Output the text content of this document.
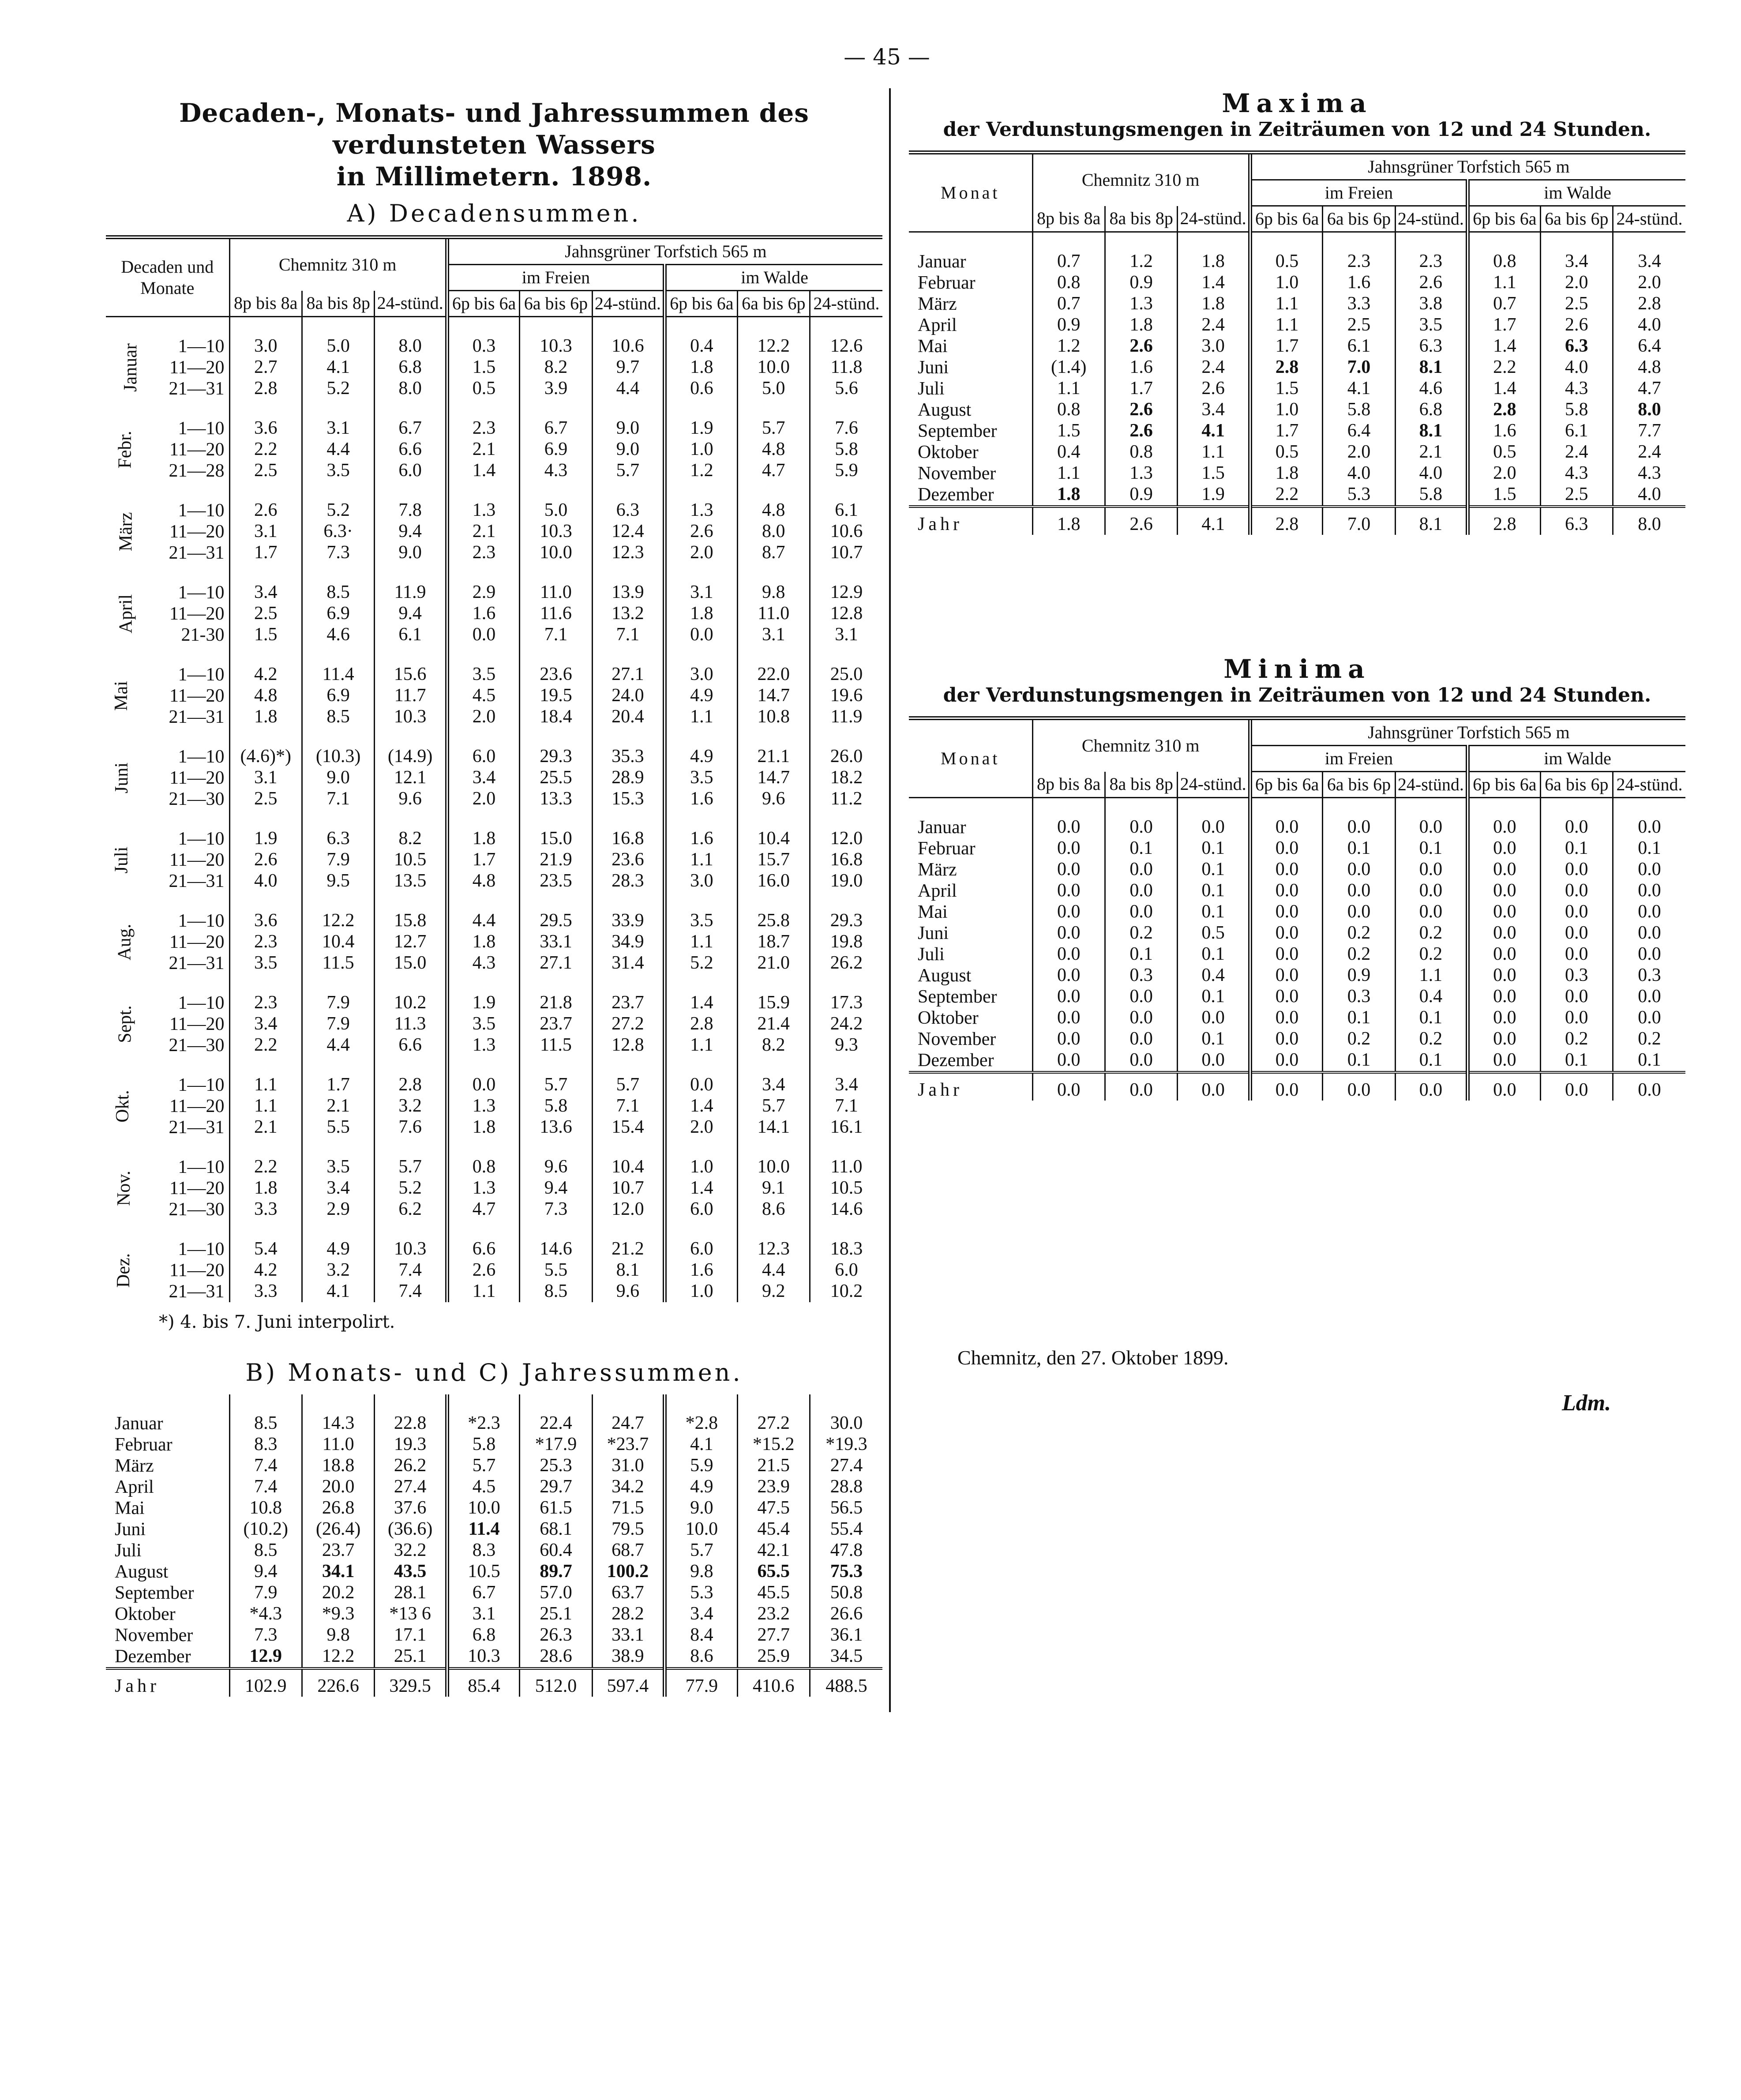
— 45 —
Decaden-, Monats- und Jahressummen des verdunsteten Wassers
in Millimetern. 1898.
A) Decadensummen.
Decaden und Monate		Chemnitz 310 m			Jahnsgrüner Torfstich 565 m					
					im Freien			im Walde		
		8p bis 8a	8a bis 8p	24-stünd.	6p bis 6a	6a bis 6p	24-stünd.	6p bis 6a	6a bis 6p	24-stünd.

Januar	1—10	3.0	5.0	8.0	0.3	10.3	10.6	0.4	12.2	12.6
	11—20	2.7	4.1	6.8	1.5	8.2	9.7	1.8	10.0	11.8
	21—31	2.8	5.2	8.0	0.5	3.9	4.4	0.6	5.0	5.6

Febr.	1—10	3.6	3.1	6.7	2.3	6.7	9.0	1.9	5.7	7.6
	11—20	2.2	4.4	6.6	2.1	6.9	9.0	1.0	4.8	5.8
	21—28	2.5	3.5	6.0	1.4	4.3	5.7	1.2	4.7	5.9

März	1—10	2.6	5.2	7.8	1.3	5.0	6.3	1.3	4.8	6.1
	11—20	3.1	6.3·	9.4	2.1	10.3	12.4	2.6	8.0	10.6
	21—31	1.7	7.3	9.0	2.3	10.0	12.3	2.0	8.7	10.7

April	1—10	3.4	8.5	11.9	2.9	11.0	13.9	3.1	9.8	12.9
	11—20	2.5	6.9	9.4	1.6	11.6	13.2	1.8	11.0	12.8
	21-30	1.5	4.6	6.1	0.0	7.1	7.1	0.0	3.1	3.1

Mai	1—10	4.2	11.4	15.6	3.5	23.6	27.1	3.0	22.0	25.0
	11—20	4.8	6.9	11.7	4.5	19.5	24.0	4.9	14.7	19.6
	21—31	1.8	8.5	10.3	2.0	18.4	20.4	1.1	10.8	11.9

Juni	1—10	(4.6)*)	(10.3)	(14.9)	6.0	29.3	35.3	4.9	21.1	26.0
	11—20	3.1	9.0	12.1	3.4	25.5	28.9	3.5	14.7	18.2
	21—30	2.5	7.1	9.6	2.0	13.3	15.3	1.6	9.6	11.2

Juli	1—10	1.9	6.3	8.2	1.8	15.0	16.8	1.6	10.4	12.0
	11—20	2.6	7.9	10.5	1.7	21.9	23.6	1.1	15.7	16.8
	21—31	4.0	9.5	13.5	4.8	23.5	28.3	3.0	16.0	19.0

Aug.	1—10	3.6	12.2	15.8	4.4	29.5	33.9	3.5	25.8	29.3
	11—20	2.3	10.4	12.7	1.8	33.1	34.9	1.1	18.7	19.8
	21—31	3.5	11.5	15.0	4.3	27.1	31.4	5.2	21.0	26.2

Sept.	1—10	2.3	7.9	10.2	1.9	21.8	23.7	1.4	15.9	17.3
	11—20	3.4	7.9	11.3	3.5	23.7	27.2	2.8	21.4	24.2
	21—30	2.2	4.4	6.6	1.3	11.5	12.8	1.1	8.2	9.3

Okt.	1—10	1.1	1.7	2.8	0.0	5.7	5.7	0.0	3.4	3.4
	11—20	1.1	2.1	3.2	1.3	5.8	7.1	1.4	5.7	7.1
	21—31	2.1	5.5	7.6	1.8	13.6	15.4	2.0	14.1	16.1

Nov.	1—10	2.2	3.5	5.7	0.8	9.6	10.4	1.0	10.0	11.0
	11—20	1.8	3.4	5.2	1.3	9.4	10.7	1.4	9.1	10.5
	21—30	3.3	2.9	6.2	4.7	7.3	12.0	6.0	8.6	14.6

Dez.	1—10	5.4	4.9	10.3	6.6	14.6	21.2	6.0	12.3	18.3
	11—20	4.2	3.2	7.4	2.6	5.5	8.1	1.6	4.4	6.0
	21—31	3.3	4.1	7.4	1.1	8.5	9.6	1.0	9.2	10.2
*) 4. bis 7. Juni interpolirt.
B) Monats- und C) Jahressummen.

Januar	8.5	14.3	22.8	*2.3	22.4	24.7	*2.8	27.2	30.0
Februar	8.3	11.0	19.3	5.8	*17.9	*23.7	4.1	*15.2	*19.3
März	7.4	18.8	26.2	5.7	25.3	31.0	5.9	21.5	27.4
April	7.4	20.0	27.4	4.5	29.7	34.2	4.9	23.9	28.8
Mai	10.8	26.8	37.6	10.0	61.5	71.5	9.0	47.5	56.5
Juni	(10.2)	(26.4)	(36.6)	11.4	68.1	79.5	10.0	45.4	55.4
Juli	8.5	23.7	32.2	8.3	60.4	68.7	5.7	42.1	47.8
August	9.4	34.1	43.5	10.5	89.7	100.2	9.8	65.5	75.3
September	7.9	20.2	28.1	6.7	57.0	63.7	5.3	45.5	50.8
Oktober	*4.3	*9.3	*13 6	3.1	25.1	28.2	3.4	23.2	26.6
November	7.3	9.8	17.1	6.8	26.3	33.1	8.4	27.7	36.1
Dezember	12.9	12.2	25.1	10.3	28.6	38.9	8.6	25.9	34.5
Jahr	102.9	226.6	329.5	85.4	512.0	597.4	77.9	410.6	488.5
Maxima
der Verdunstungsmengen in Zeiträumen von 12 und 24 Stunden.
Monat	Chemnitz 310 m			Jahnsgrüner Torfstich 565 m					
				im Freien			im Walde		
	8p bis 8a	8a bis 8p	24-stünd.	6p bis 6a	6a bis 6p	24-stünd.	6p bis 6a	6a bis 6p	24-stünd.

Januar	0.7	1.2	1.8	0.5	2.3	2.3	0.8	3.4	3.4
Februar	0.8	0.9	1.4	1.0	1.6	2.6	1.1	2.0	2.0
März	0.7	1.3	1.8	1.1	3.3	3.8	0.7	2.5	2.8
April	0.9	1.8	2.4	1.1	2.5	3.5	1.7	2.6	4.0
Mai	1.2	2.6	3.0	1.7	6.1	6.3	1.4	6.3	6.4
Juni	(1.4)	1.6	2.4	2.8	7.0	8.1	2.2	4.0	4.8
Juli	1.1	1.7	2.6	1.5	4.1	4.6	1.4	4.3	4.7
August	0.8	2.6	3.4	1.0	5.8	6.8	2.8	5.8	8.0
September	1.5	2.6	4.1	1.7	6.4	8.1	1.6	6.1	7.7
Oktober	0.4	0.8	1.1	0.5	2.0	2.1	0.5	2.4	2.4
November	1.1	1.3	1.5	1.8	4.0	4.0	2.0	4.3	4.3
Dezember	1.8	0.9	1.9	2.2	5.3	5.8	1.5	2.5	4.0
Jahr	1.8	2.6	4.1	2.8	7.0	8.1	2.8	6.3	8.0
Minima
der Verdunstungsmengen in Zeiträumen von 12 und 24 Stunden.
Monat	Chemnitz 310 m			Jahnsgrüner Torfstich 565 m					
				im Freien			im Walde		
	8p bis 8a	8a bis 8p	24-stünd.	6p bis 6a	6a bis 6p	24-stünd.	6p bis 6a	6a bis 6p	24-stünd.

Januar	0.0	0.0	0.0	0.0	0.0	0.0	0.0	0.0	0.0
Februar	0.0	0.1	0.1	0.0	0.1	0.1	0.0	0.1	0.1
März	0.0	0.0	0.1	0.0	0.0	0.0	0.0	0.0	0.0
April	0.0	0.0	0.1	0.0	0.0	0.0	0.0	0.0	0.0
Mai	0.0	0.0	0.1	0.0	0.0	0.0	0.0	0.0	0.0
Juni	0.0	0.2	0.5	0.0	0.2	0.2	0.0	0.0	0.0
Juli	0.0	0.1	0.1	0.0	0.2	0.2	0.0	0.0	0.0
August	0.0	0.3	0.4	0.0	0.9	1.1	0.0	0.3	0.3
September	0.0	0.0	0.1	0.0	0.3	0.4	0.0	0.0	0.0
Oktober	0.0	0.0	0.0	0.0	0.1	0.1	0.0	0.0	0.0
November	0.0	0.0	0.1	0.0	0.2	0.2	0.0	0.2	0.2
Dezember	0.0	0.0	0.0	0.0	0.1	0.1	0.0	0.1	0.1
Jahr	0.0	0.0	0.0	0.0	0.0	0.0	0.0	0.0	0.0
Chemnitz, den 27. Oktober 1899.
Ldm.
